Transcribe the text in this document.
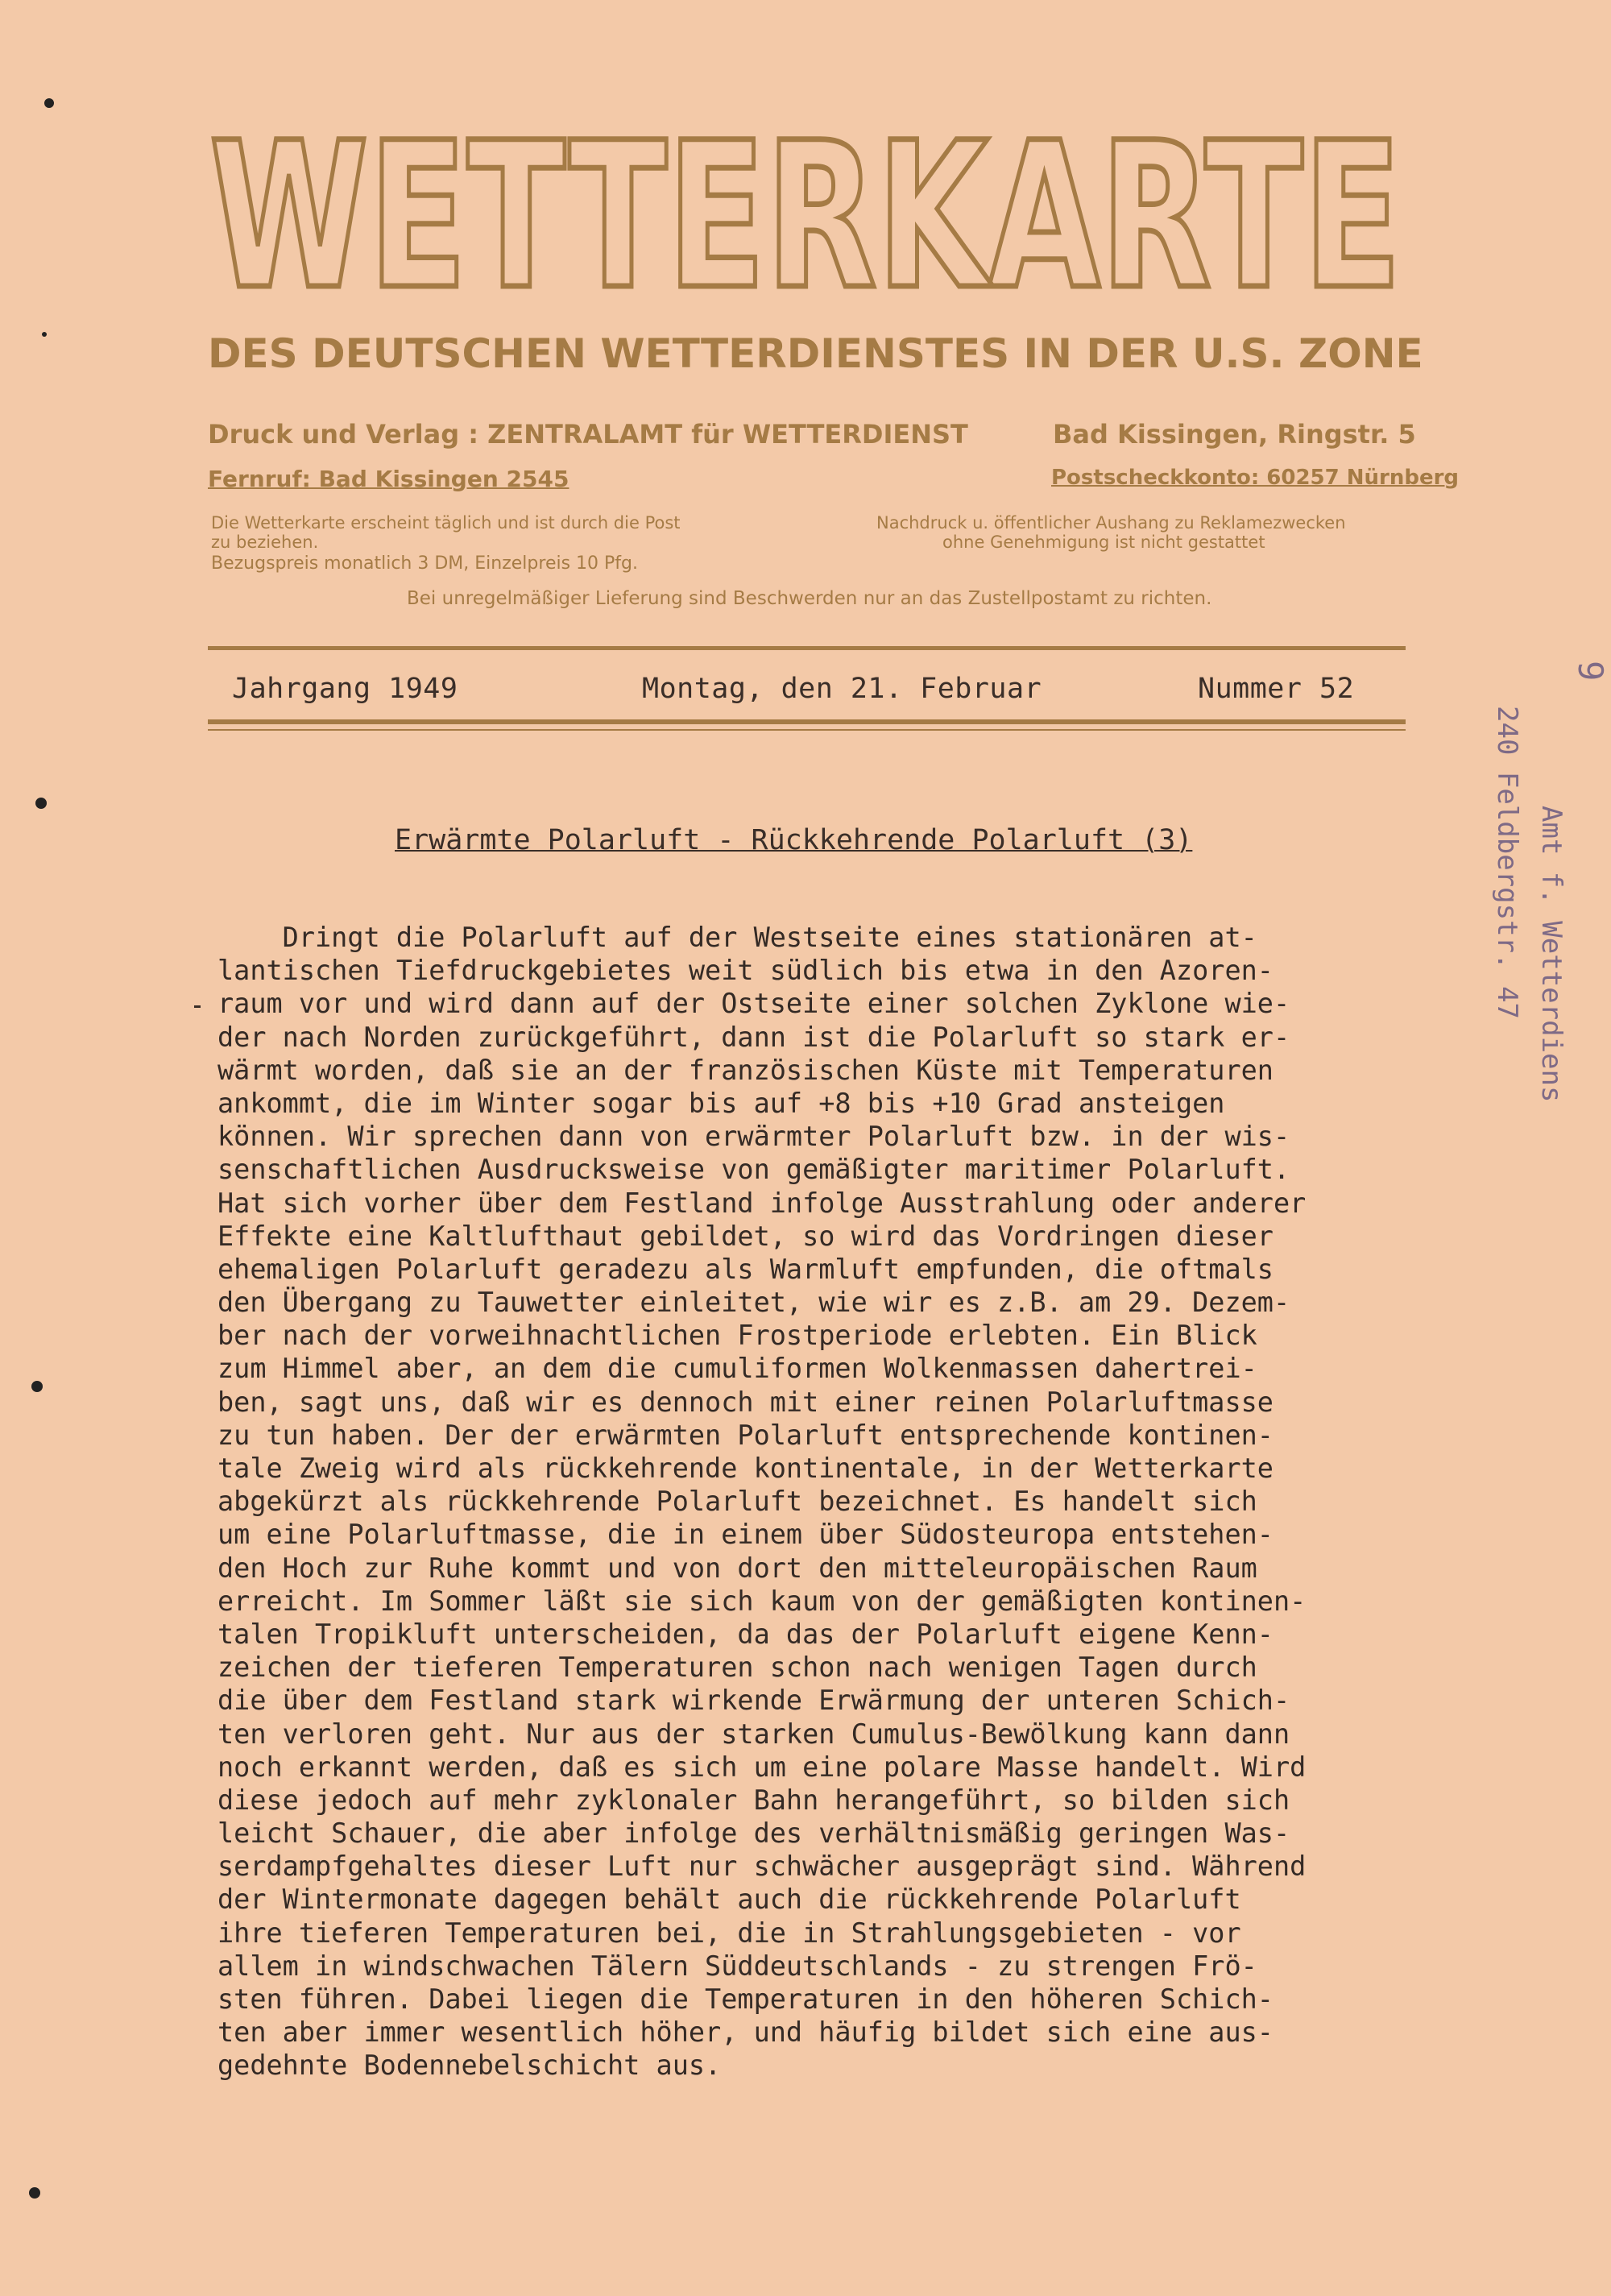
WETTERKARTE
DES DEUTSCHEN WETTERDIENSTES IN DER U.S. ZONE
Druck und Verlag : ZENTRALAMT für WETTERDIENST	Bad Kissingen, Ringstr. 5
Fernruf: Bad Kissingen 2545	Postscheckkonto: 60257 Nürnberg
Die Wetterkarte erscheint täglich und ist durch die Post
zu beziehen.
Bezugspreis monatlich 3 DM, Einzelpreis 10 Pfg.
Nachdruck u. öffentlicher Aushang zu Reklamezwecken
ohne Genehmigung ist nicht gestattet
Bei unregelmäßiger Lieferung sind Beschwerden nur an das Zustellpostamt zu richten.
Jahrgang 1949	Montag, den 21. Februar	Nummer 52
Erwärmte Polarluft - Rückkehrende Polarluft (3)
Dringt die Polarluft auf der Westseite eines stationären at-
lantischen Tiefdruckgebietes weit südlich bis etwa in den Azoren-
raum vor und wird dann auf der Ostseite einer solchen Zyklone wie-
der nach Norden zurückgeführt, dann ist die Polarluft so stark er-
wärmt worden, daß sie an der französischen Küste mit Temperaturen
ankommt, die im Winter sogar bis auf +8 bis +10 Grad ansteigen
können. Wir sprechen dann von erwärmter Polarluft bzw. in der wis-
senschaftlichen Ausdrucksweise von gemäßigter maritimer Polarluft.
Hat sich vorher über dem Festland infolge Ausstrahlung oder anderer
Effekte eine Kaltlufthaut gebildet, so wird das Vordringen dieser
ehemaligen Polarluft geradezu als Warmluft empfunden, die oftmals
den Übergang zu Tauwetter einleitet, wie wir es z.B. am 29. Dezem-
ber nach der vorweihnachtlichen Frostperiode erlebten. Ein Blick
zum Himmel aber, an dem die cumuliformen Wolkenmassen dahertrei-
ben, sagt uns, daß wir es dennoch mit einer reinen Polarluftmasse
zu tun haben. Der der erwärmten Polarluft entsprechende kontinen-
tale Zweig wird als rückkehrende kontinentale, in der Wetterkarte
abgekürzt als rückkehrende Polarluft bezeichnet. Es handelt sich
um eine Polarluftmasse, die in einem über Südosteuropa entstehen-
den Hoch zur Ruhe kommt und von dort den mitteleuropäischen Raum
erreicht. Im Sommer läßt sie sich kaum von der gemäßigten kontinen-
talen Tropikluft unterscheiden, da das der Polarluft eigene Kenn-
zeichen der tieferen Temperaturen schon nach wenigen Tagen durch
die über dem Festland stark wirkende Erwärmung der unteren Schich-
ten verloren geht. Nur aus der starken Cumulus-Bewölkung kann dann
noch erkannt werden, daß es sich um eine polare Masse handelt. Wird
diese jedoch auf mehr zyklonaler Bahn herangeführt, so bilden sich
leicht Schauer, die aber infolge des verhältnismäßig geringen Was-
serdampfgehaltes dieser Luft nur schwächer ausgeprägt sind. Während
der Wintermonate dagegen behält auch die rückkehrende Polarluft
ihre tieferen Temperaturen bei, die in Strahlungsgebieten - vor
allem in windschwachen Tälern Süddeutschlands - zu strengen Frö-
sten führen. Dabei liegen die Temperaturen in den höheren Schich-
ten aber immer wesentlich höher, und häufig bildet sich eine aus-
gedehnte Bodennebelschicht aus.
9
Amt f. Wetterdiens
240 Feldbergstr. 47
